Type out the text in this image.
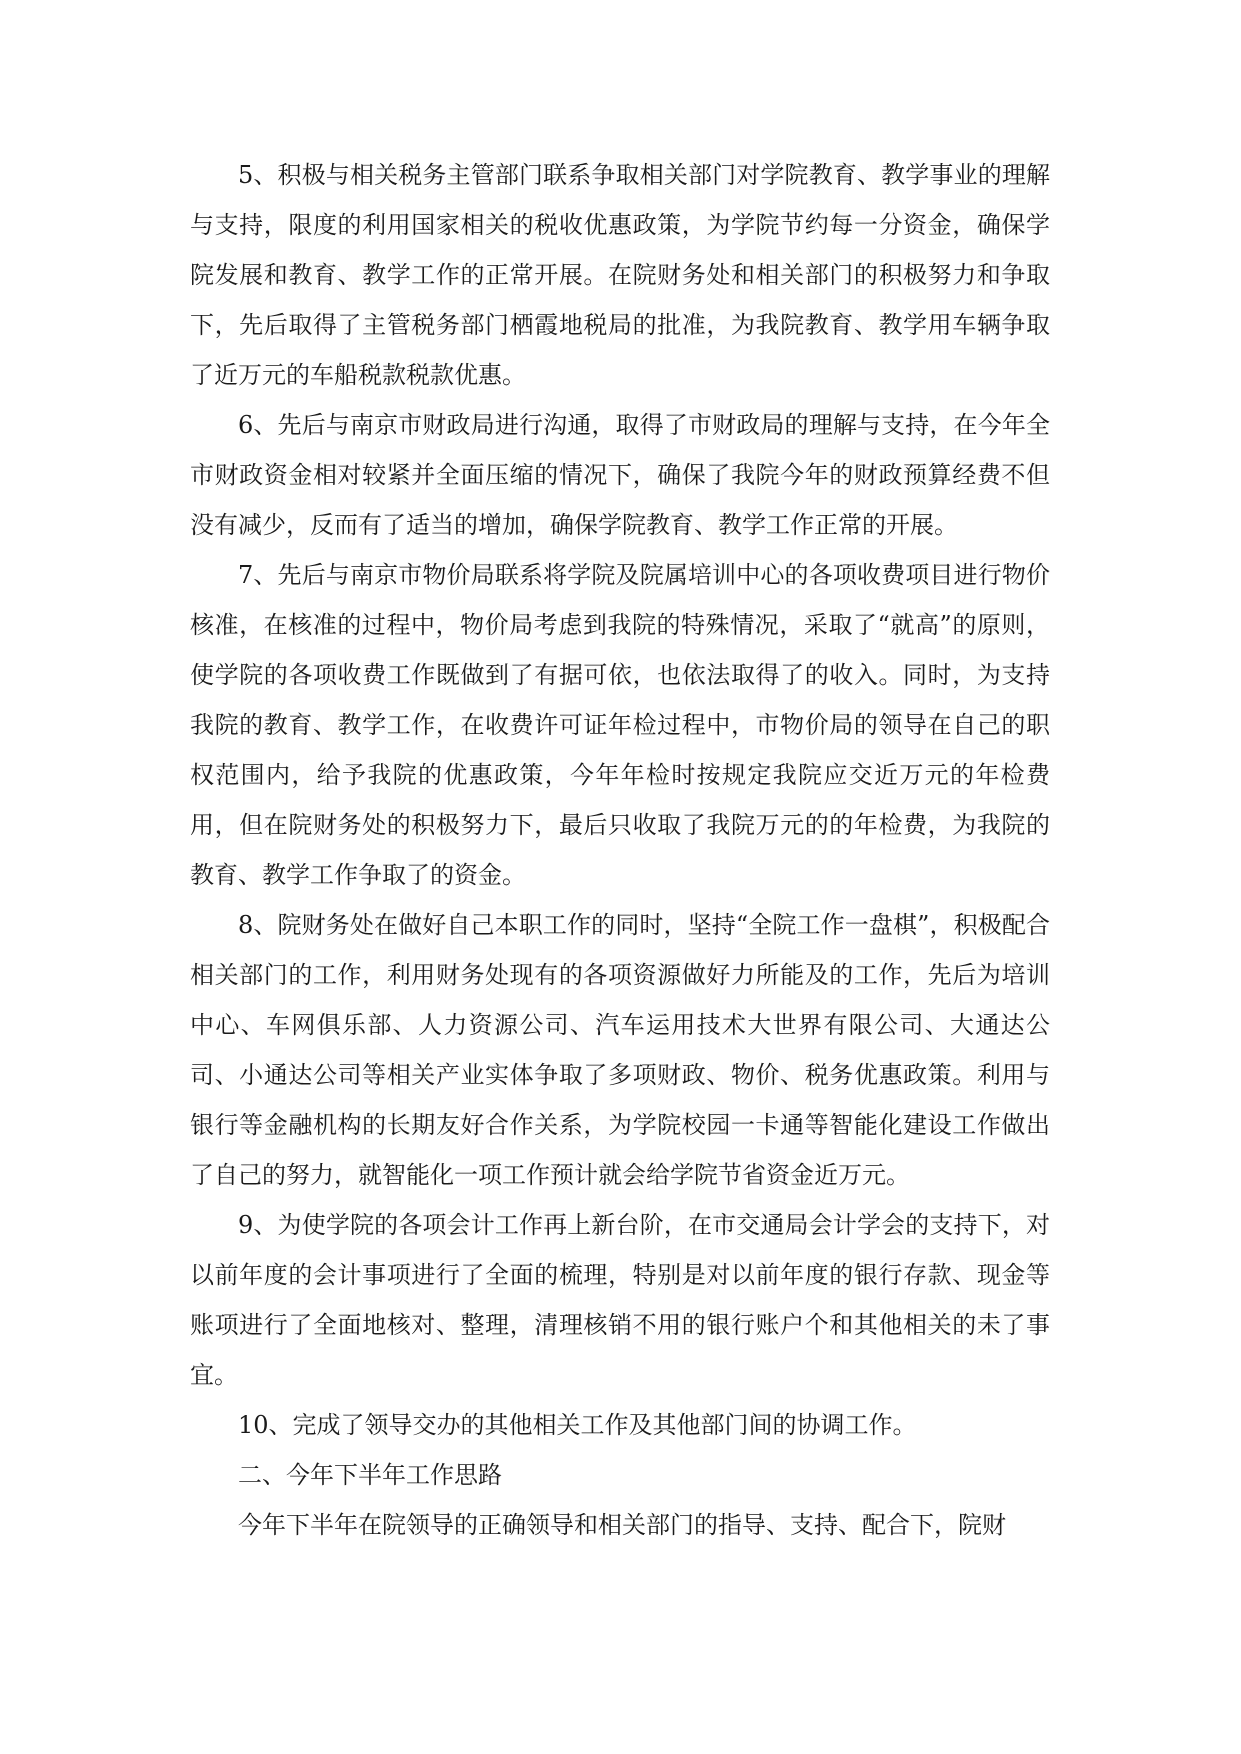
5、积极与相关税务主管部门联系争取相关部门对学院教育、教学事业的理解与支持，限度的利用国家相关的税收优惠政策，为学院节约每一分资金，确保学院发展和教育、教学工作的正常开展。在院财务处和相关部门的积极努力和争取下，先后取得了主管税务部门栖霞地税局的批准，为我院教育、教学用车辆争取了近万元的车船税款税款优惠。

6、先后与南京市财政局进行沟通，取得了市财政局的理解与支持，在今年全市财政资金相对较紧并全面压缩的情况下，确保了我院今年的财政预算经费不但没有减少，反而有了适当的增加，确保学院教育、教学工作正常的开展。

7、先后与南京市物价局联系将学院及院属培训中心的各项收费项目进行物价核准，在核准的过程中，物价局考虑到我院的特殊情况，采取了“就高”的原则，使学院的各项收费工作既做到了有据可依，也依法取得了的收入。同时，为支持我院的教育、教学工作，在收费许可证年检过程中，市物价局的领导在自己的职权范围内，给予我院的优惠政策，今年年检时按规定我院应交近万元的年检费用，但在院财务处的积极努力下，最后只收取了我院万元的的年检费，为我院的教育、教学工作争取了的资金。

8、院财务处在做好自己本职工作的同时，坚持“全院工作一盘棋”，积极配合相关部门的工作，利用财务处现有的各项资源做好力所能及的工作，先后为培训中心、车网俱乐部、人力资源公司、汽车运用技术大世界有限公司、大通达公司、小通达公司等相关产业实体争取了多项财政、物价、税务优惠政策。利用与银行等金融机构的长期友好合作关系，为学院校园一卡通等智能化建设工作做出了自己的努力，就智能化一项工作预计就会给学院节省资金近万元。

9、为使学院的各项会计工作再上新台阶，在市交通局会计学会的支持下，对以前年度的会计事项进行了全面的梳理，特别是对以前年度的银行存款、现金等账项进行了全面地核对、整理，清理核销不用的银行账户个和其他相关的未了事宜。

10、完成了领导交办的其他相关工作及其他部门间的协调工作。

二、今年下半年工作思路

今年下半年在院领导的正确领导和相关部门的指导、支持、配合下，院财
